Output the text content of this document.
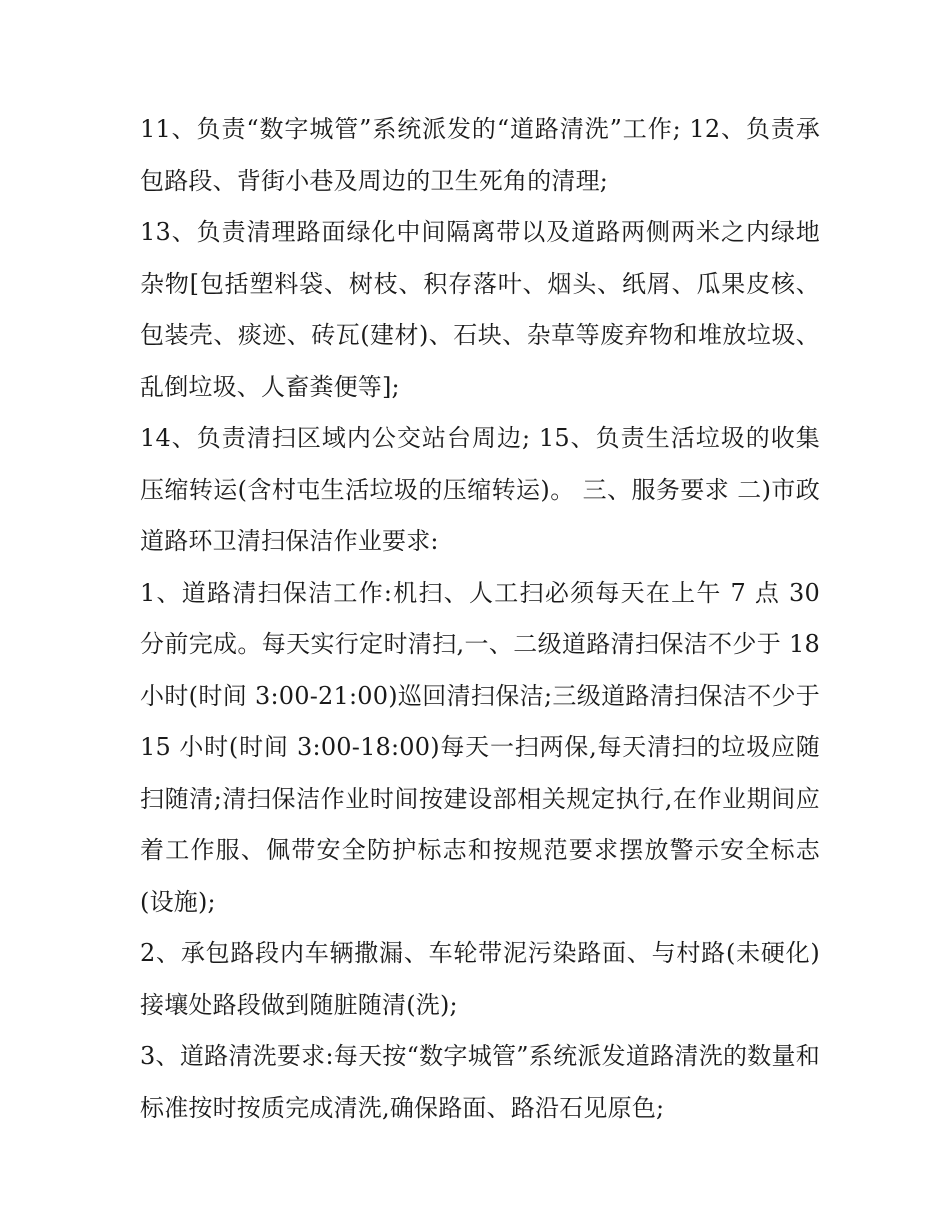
11、负责“数字城管”系统派发的“道路清洗”工作; 12、负责承包路段、背街小巷及周边的卫生死角的清理;

13、负责清理路面绿化中间隔离带以及道路两侧两米之内绿地杂物[包括塑料袋、树枝、积存落叶、烟头、纸屑、瓜果皮核、包装壳、痰迹、砖瓦(建材)、石块、杂草等废弃物和堆放垃圾、乱倒垃圾、人畜粪便等];

14、负责清扫区域内公交站台周边; 15、负责生活垃圾的收集压缩转运(含村屯生活垃圾的压缩转运)。 三、服务要求 二)市政道路环卫清扫保洁作业要求:

1、道路清扫保洁工作:机扫、人工扫必须每天在上午 7 点 30 分前完成。每天实行定时清扫,一、二级道路清扫保洁不少于 18 小时(时间 3:00-21:00)巡回清扫保洁;三级道路清扫保洁不少于 15 小时(时间 3:00-18:00)每天一扫两保,每天清扫的垃圾应随扫随清;清扫保洁作业时间按建设部相关规定执行,在作业期间应着工作服、佩带安全防护标志和按规范要求摆放警示安全标志(设施);

2、承包路段内车辆撒漏、车轮带泥污染路面、与村路(未硬化)接壤处路段做到随脏随清(洗);

3、道路清洗要求:每天按“数字城管”系统派发道路清洗的数量和标准按时按质完成清洗,确保路面、路沿石见原色;
